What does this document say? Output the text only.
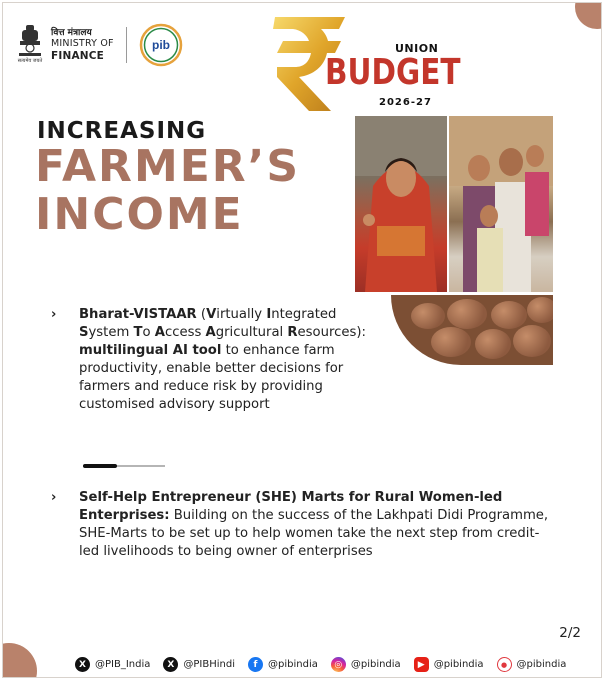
सत्यमेव जयते
वित्त मंत्रालय
MINISTRY OF
FINANCE
pib	UNION
BUDGET
2026-27
INCREASING
FARMER’S INCOME
› Bharat-VISTAAR (Virtually Integrated System To Access Agricultural Resources): multilingual AI tool to enhance farm productivity, enable better decisions for farmers and reduce risk by providing customised advisory support
› Self-Help Entrepreneur (SHE) Marts for Rural Women-led Enterprises: Building on the success of the Lakhpati Didi Programme, SHE-Marts to be set up to help women take the next step from credit-led livelihoods to being owner of enterprises
2/2
X @PIB_India	X @PIBHindi	f	@pibindia	◎ @pibindia	▶ @pibindia	● @pibindia
